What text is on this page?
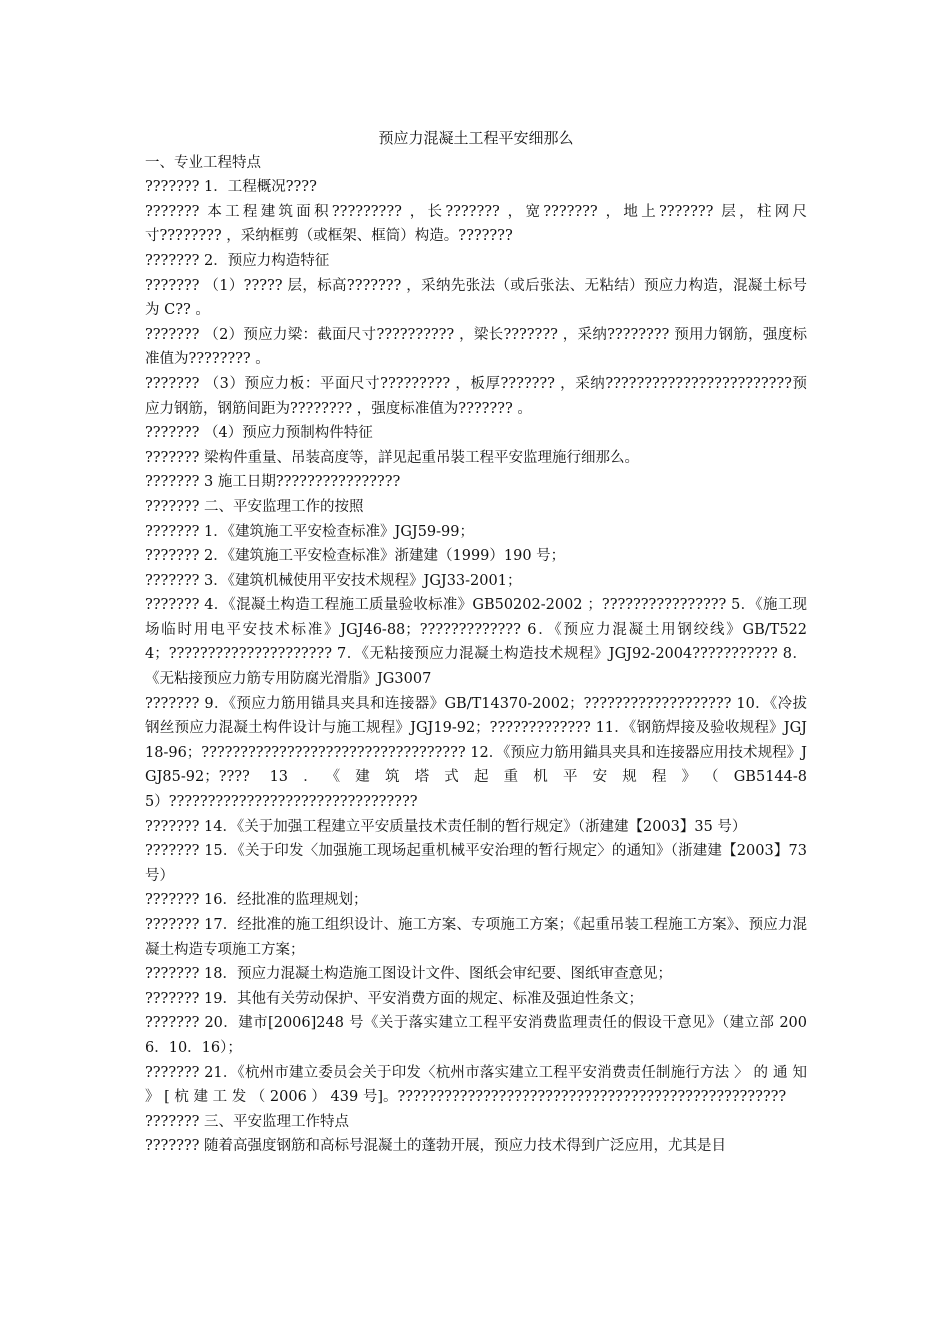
预应力混凝土工程平安细那么

一、专业工程特点

??????? 1．工程概况????

??????? 本工程建筑面积????????? ，长??????? ，宽??????? ，地上??????? 层，柱网尺寸???????? ，采纳框剪（或框架、框筒）构造。???????

??????? 2．预应力构造特征

??????? （1）????? 层，标高??????? ，采纳先张法（或后张法、无粘结）预应力构造，混凝土标号为 C?? 。

??????? （2）预应力梁：截面尺寸?????????? ，梁长??????? ，采纳???????? 预用力钢筋，强度标准值为???????? 。

??????? （3）预应力板：平面尺寸????????? ，板厚??????? ，采纳????????????????????????预应力钢筋，钢筋间距为???????? ，强度标准值为??????? 。

??????? （4）预应力预制构件特征

??????? 梁构件重量、吊装高度等，詳见起重吊裝工程平安监理施行细那么。

??????? 3 施工日期????????????????

??????? 二、平安监理工作的按照

??????? 1．《建筑施工平安检查标准》JGJ59-99；

??????? 2．《建筑施工平安检查标准》浙建建（1999）190 号；

??????? 3．《建筑机械使用平安技术规程》JGJ33-2001；

??????? 4．《混凝土构造工程施工质量验收标准》GB50202-2002 ；???????????????? 5．《施工现场临时用电平安技术标准》JGJ46-88；????????????? 6．《预应力混凝土用钢绞线》GB/T5224；????????????????????? 7．《无粘接预应力混凝土构造技术规程》JGJ92-2004??????????? 8．《无粘接预应力筋专用防腐光滑脂》JG3007

??????? 9．《预应力筋用锚具夹具和连接器》GB/T14370-2002；??????????????????? 10．《冷拔钢丝预应力混凝土构件设计与施工规程》JGJ19-92；????????????? 11．《钢筋焊接及验收规程》JGJ18-96；?????????????????????????????????? 12．《预应力筋用錨具夹具和连接器应用技术规程》JGJ85-92；???? 13．《建筑塔式起重机平安规程》（GB5144-85）????????????????????????????????

??????? 14．《关于加强工程建立平安质量技术责任制的暂行规定》（浙建建【2003】35 号）

??????? 15．《关于印发〈加强施工现场起重机械平安治理的暂行规定〉的通知》（浙建建【2003】73 号）

??????? 16．经批准的监理规划；

??????? 17．经批准的施工组织设计、施工方案、专项施工方案；《起重吊装工程施工方案》、预应力混凝土构造专项施工方案；

??????? 18．预应力混凝土构造施工图设计文件、图纸会审纪要、图纸审查意见；

??????? 19．其他有关劳动保护、平安消费方面的规定、标准及强迫性条文；

??????? 20．建市[2006]248 号《关于落实建立工程平安消费监理责任的假设干意见》（建立部 2006．10．16）；

??????? 21．《杭州市建立委员会关于印发〈杭州市落实建立工程平安消费责任制施行方法 〉 的 通 知 》 [ 杭 建 工 发 （ 2006 ） 439 号]。??????????????????????????????????????????????????

??????? 三、平安监理工作特点

??????? 随着高强度钢筋和高标号混凝土的蓬勃开展，预应力技术得到广泛应用，尤其是目
